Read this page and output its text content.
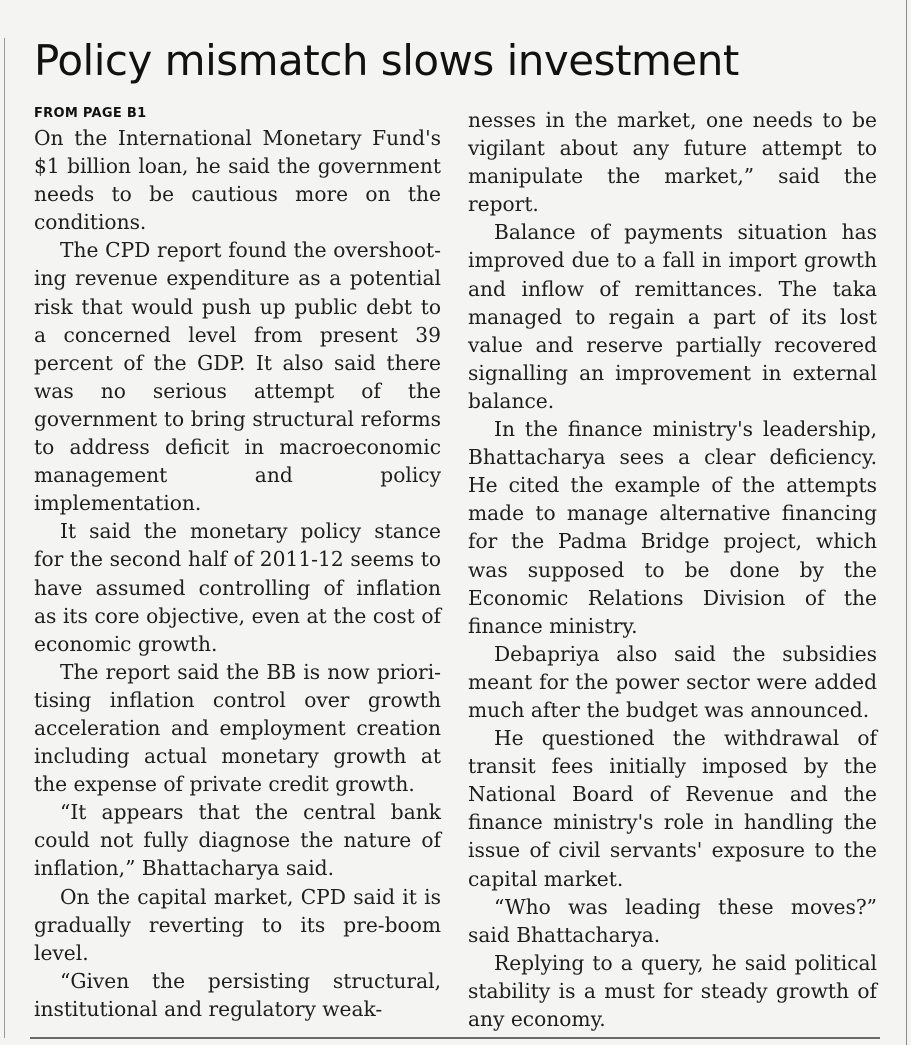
Policy mismatch slows investment
FROM PAGE B1

On the International Monetary Fund's $1 billion loan, he said the government needs to be cautious more on the conditions.

The CPD report found the overshooting revenue expenditure as a potential risk that would push up public debt to a concerned level from present 39 percent of the GDP. It also said there was no serious attempt of the government to bring structural reforms to address deficit in macroeconomic management and policy implementation.

It said the monetary policy stance for the second half of 2011-12 seems to have assumed controlling of inflation as its core objective, even at the cost of economic growth.

The report said the BB is now prioritising inflation control over growth acceleration and employment creation including actual monetary growth at the expense of private credit growth.

“It appears that the central bank could not fully diagnose the nature of inflation,” Bhattacharya said.

On the capital market, CPD said it is gradually reverting to its pre-boom level.

“Given the persisting structural, institutional and regulatory weak-

nesses in the market, one needs to be vigilant about any future attempt to manipulate the market,” said the report.

Balance of payments situation has improved due to a fall in import growth and inflow of remittances. The taka managed to regain a part of its lost value and reserve partially recovered signalling an improvement in external balance.

In the finance ministry's leadership, Bhattacharya sees a clear deficiency. He cited the example of the attempts made to manage alternative financing for the Padma Bridge project, which was supposed to be done by the Economic Relations Division of the finance ministry.

Debapriya also said the subsidies meant for the power sector were added much after the budget was announced.

He questioned the withdrawal of transit fees initially imposed by the National Board of Revenue and the finance ministry's role in handling the issue of civil servants' exposure to the capital market.

“Who was leading these moves?” said Bhattacharya.

Replying to a query, he said political stability is a must for steady growth of any economy.
